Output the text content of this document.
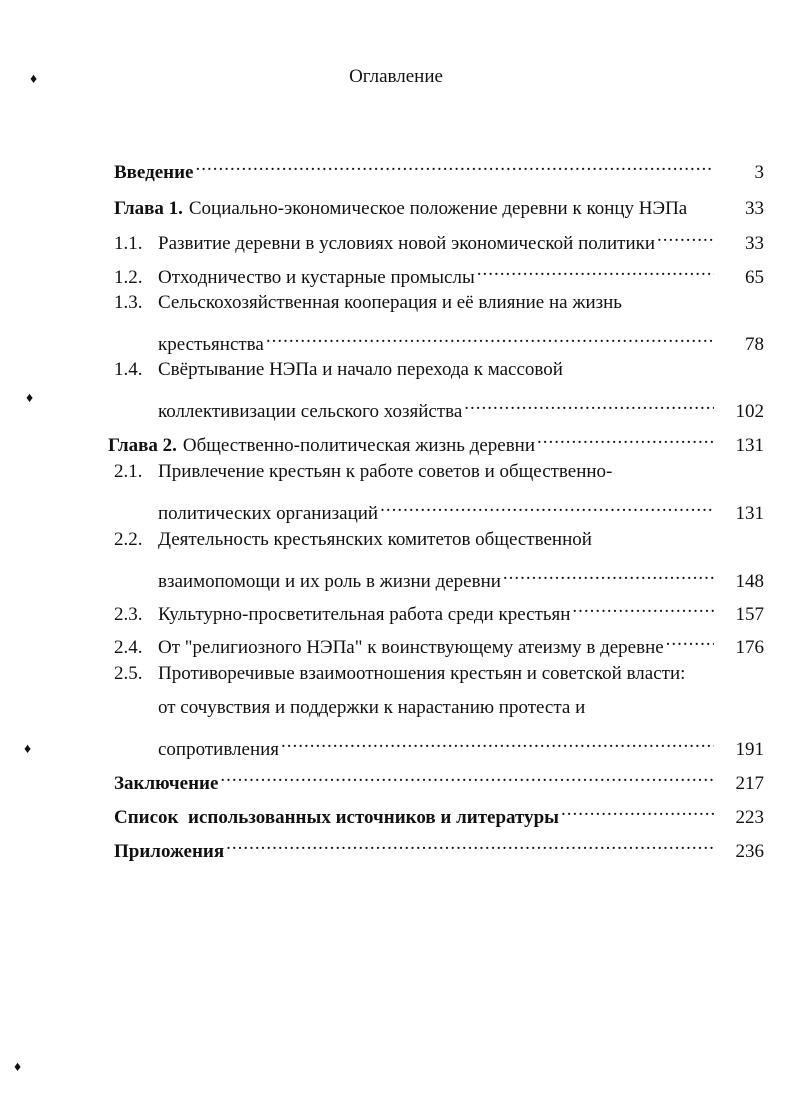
Оглавление
♦
♦
♦
♦
Введение .....	3
Глава 1. Социально-экономическое положение деревни к концу НЭПа	33
1.1. Развитие деревни в условиях новой экономической политики .....	33
1.2. Отходничество и кустарные промыслы .....	65
1.3. Сельскохозяйственная кооперация и её влияние на жизнь
крестьянства .....	78
1.4. Свёртывание НЭПа и начало перехода к массовой
коллективизации сельского хозяйства .....	102
Глава 2. Общественно-политическая жизнь деревни .....	131
2.1. Привлечение крестьян к работе советов и общественно-
политических организаций .....	131
2.2. Деятельность крестьянских комитетов общественной
взаимопомощи и их роль в жизни деревни .....	148
2.3. Культурно-просветительная работа среди крестьян .....	157
2.4. От "религиозного НЭПа" к воинствующему атеизму в деревне .....	176
2.5. Противоречивые взаимоотношения крестьян и советской власти:
от сочувствия и поддержки к нарастанию протеста и
сопротивления .....	191
Заключение .....	217
Список  использованных источников и литературы .....	223
Приложения .....	236
